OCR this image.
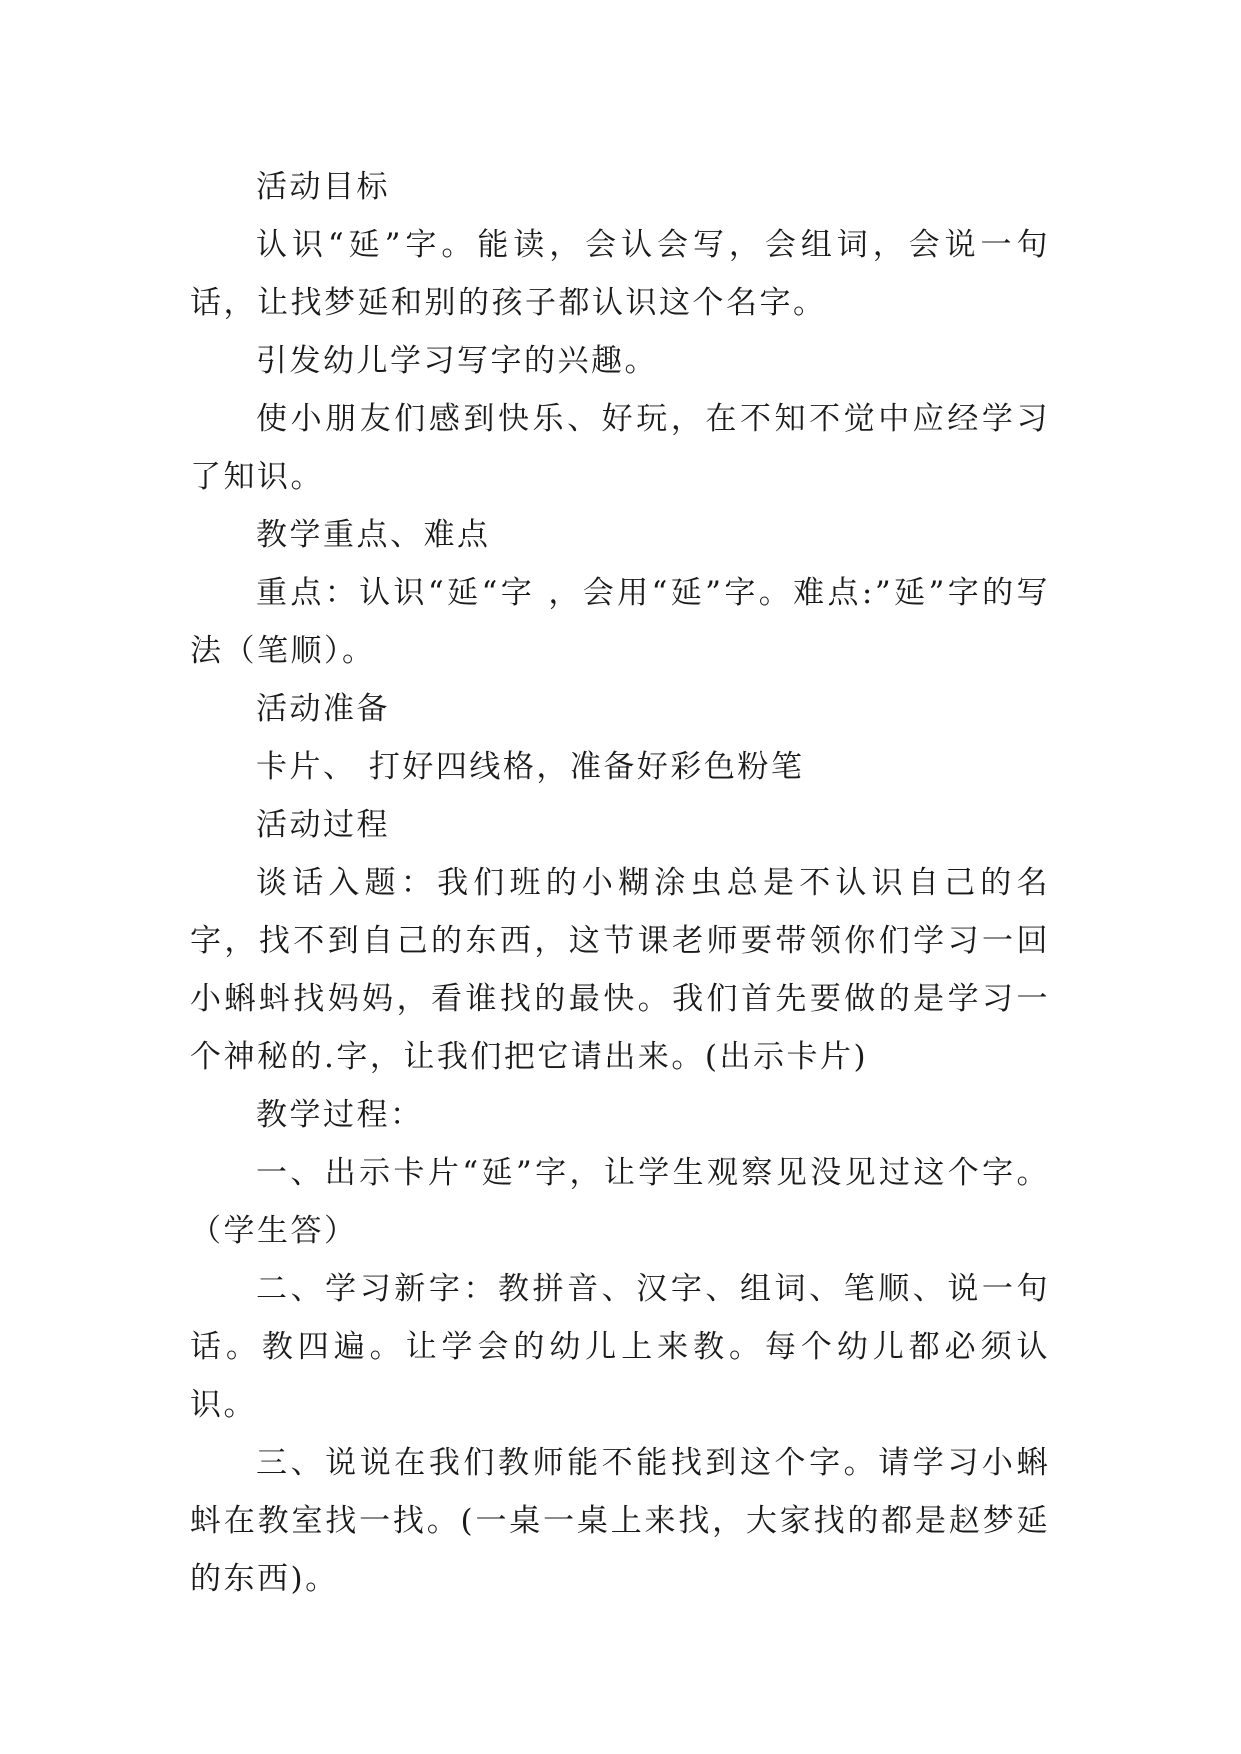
活动目标

认识“延”字。能读，会认会写，会组词，会说一句话，让找梦延和别的孩子都认识这个名字。

引发幼儿学习写字的兴趣。

使小朋友们感到快乐、好玩，在不知不觉中应经学习了知识。

教学重点、难点

重点：认识“延“字 ，会用“延”字。难点:”延”字的写法（笔顺）。

活动准备

卡片、 打好四线格，准备好彩色粉笔

活动过程

谈话入题：我们班的小糊涂虫总是不认识自己的名字，找不到自己的东西，这节课老师要带领你们学习一回小蝌蚪找妈妈，看谁找的最快。我们首先要做的是学习一个神秘的.字，让我们把它请出来。(出示卡片)

教学过程：

一、出示卡片“延”字，让学生观察见没见过这个字。（学生答）

二、学习新字：教拼音、汉字、组词、笔顺、说一句话。教四遍。让学会的幼儿上来教。每个幼儿都必须认识。

三、说说在我们教师能不能找到这个字。请学习小蝌蚪在教室找一找。(一桌一桌上来找，大家找的都是赵梦延的东西)。
